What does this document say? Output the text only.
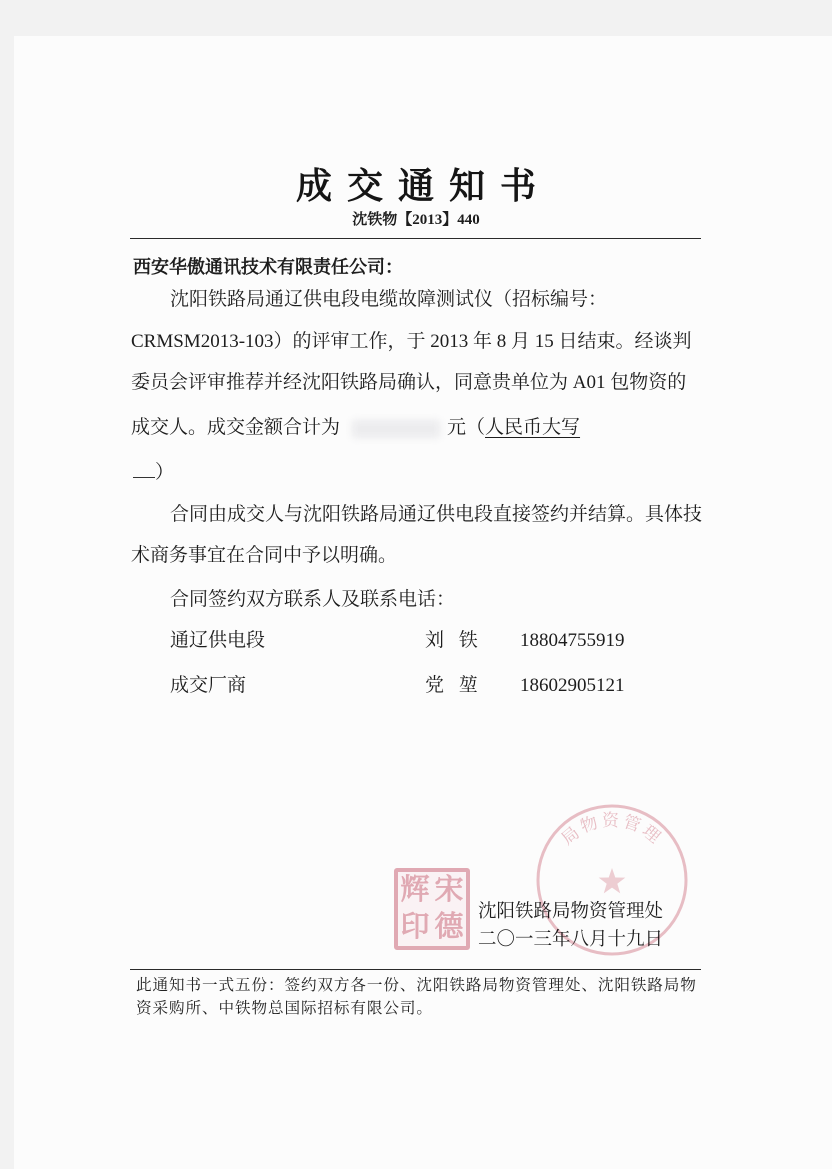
成 交 通 知 书
沈铁物【2013】440
西安华傲通讯技术有限责任公司：
沈阳铁路局通辽供电段电缆故障测试仪（招标编号：
CRMSM2013-103）的评审工作，于 2013 年 8 月 15 日结束。经谈判
委员会评审推荐并经沈阳铁路局确认，同意贵单位为 A01 包物资的
成交人。成交金额合计为	元（人民币大写
）
合同由成交人与沈阳铁路局通辽供电段直接签约并结算。具体技
术商务事宜在合同中予以明确。
合同签约双方联系人及联系电话：
通辽供电段	刘 铁 18804755919
成交厂商	党 堃 18602905121
沈阳铁路局物资管理处
二〇一三年八月十九日
辉 宋
印 德
局物资管理
此通知书一式五份：签约双方各一份、沈阳铁路局物资管理处、沈阳铁路局物
资采购所、中铁物总国际招标有限公司。
